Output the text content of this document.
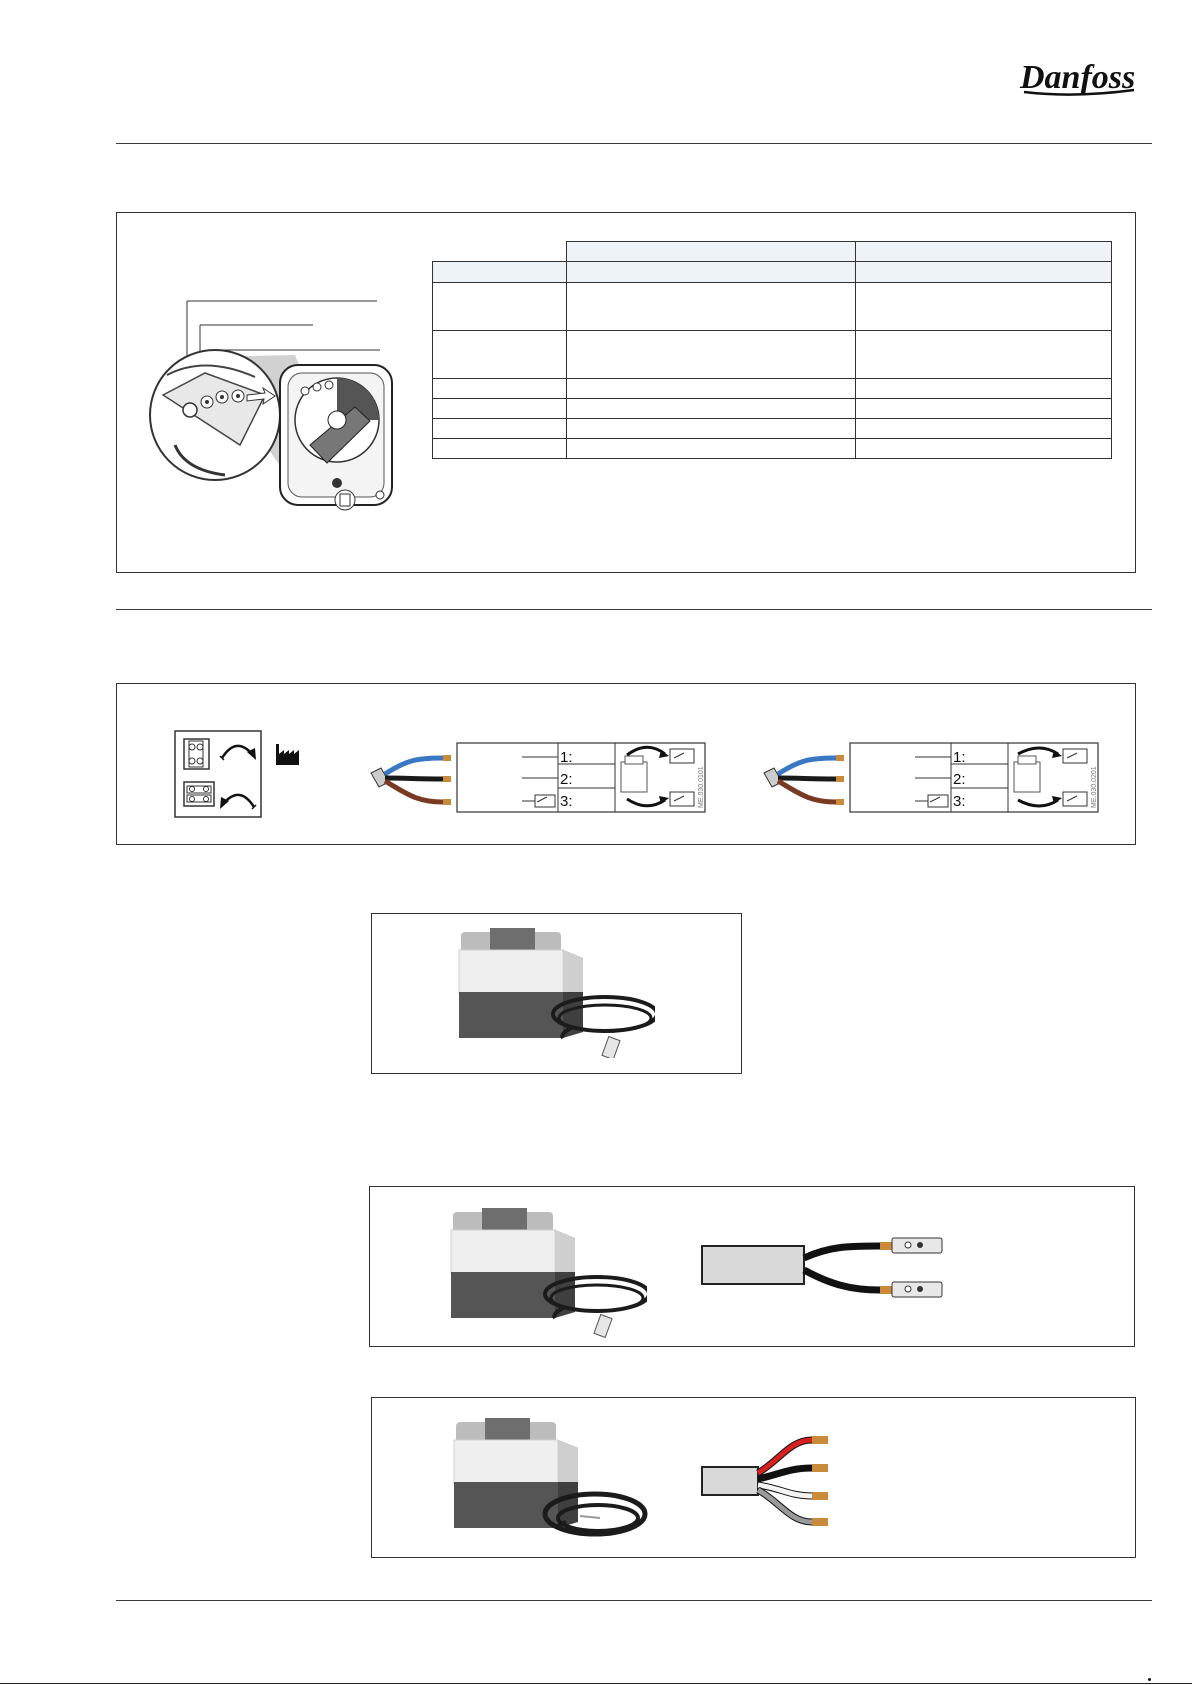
Danfoss

1:
2:
3:	ME.030.0101
1:
2:
3:	ME.030.0201
